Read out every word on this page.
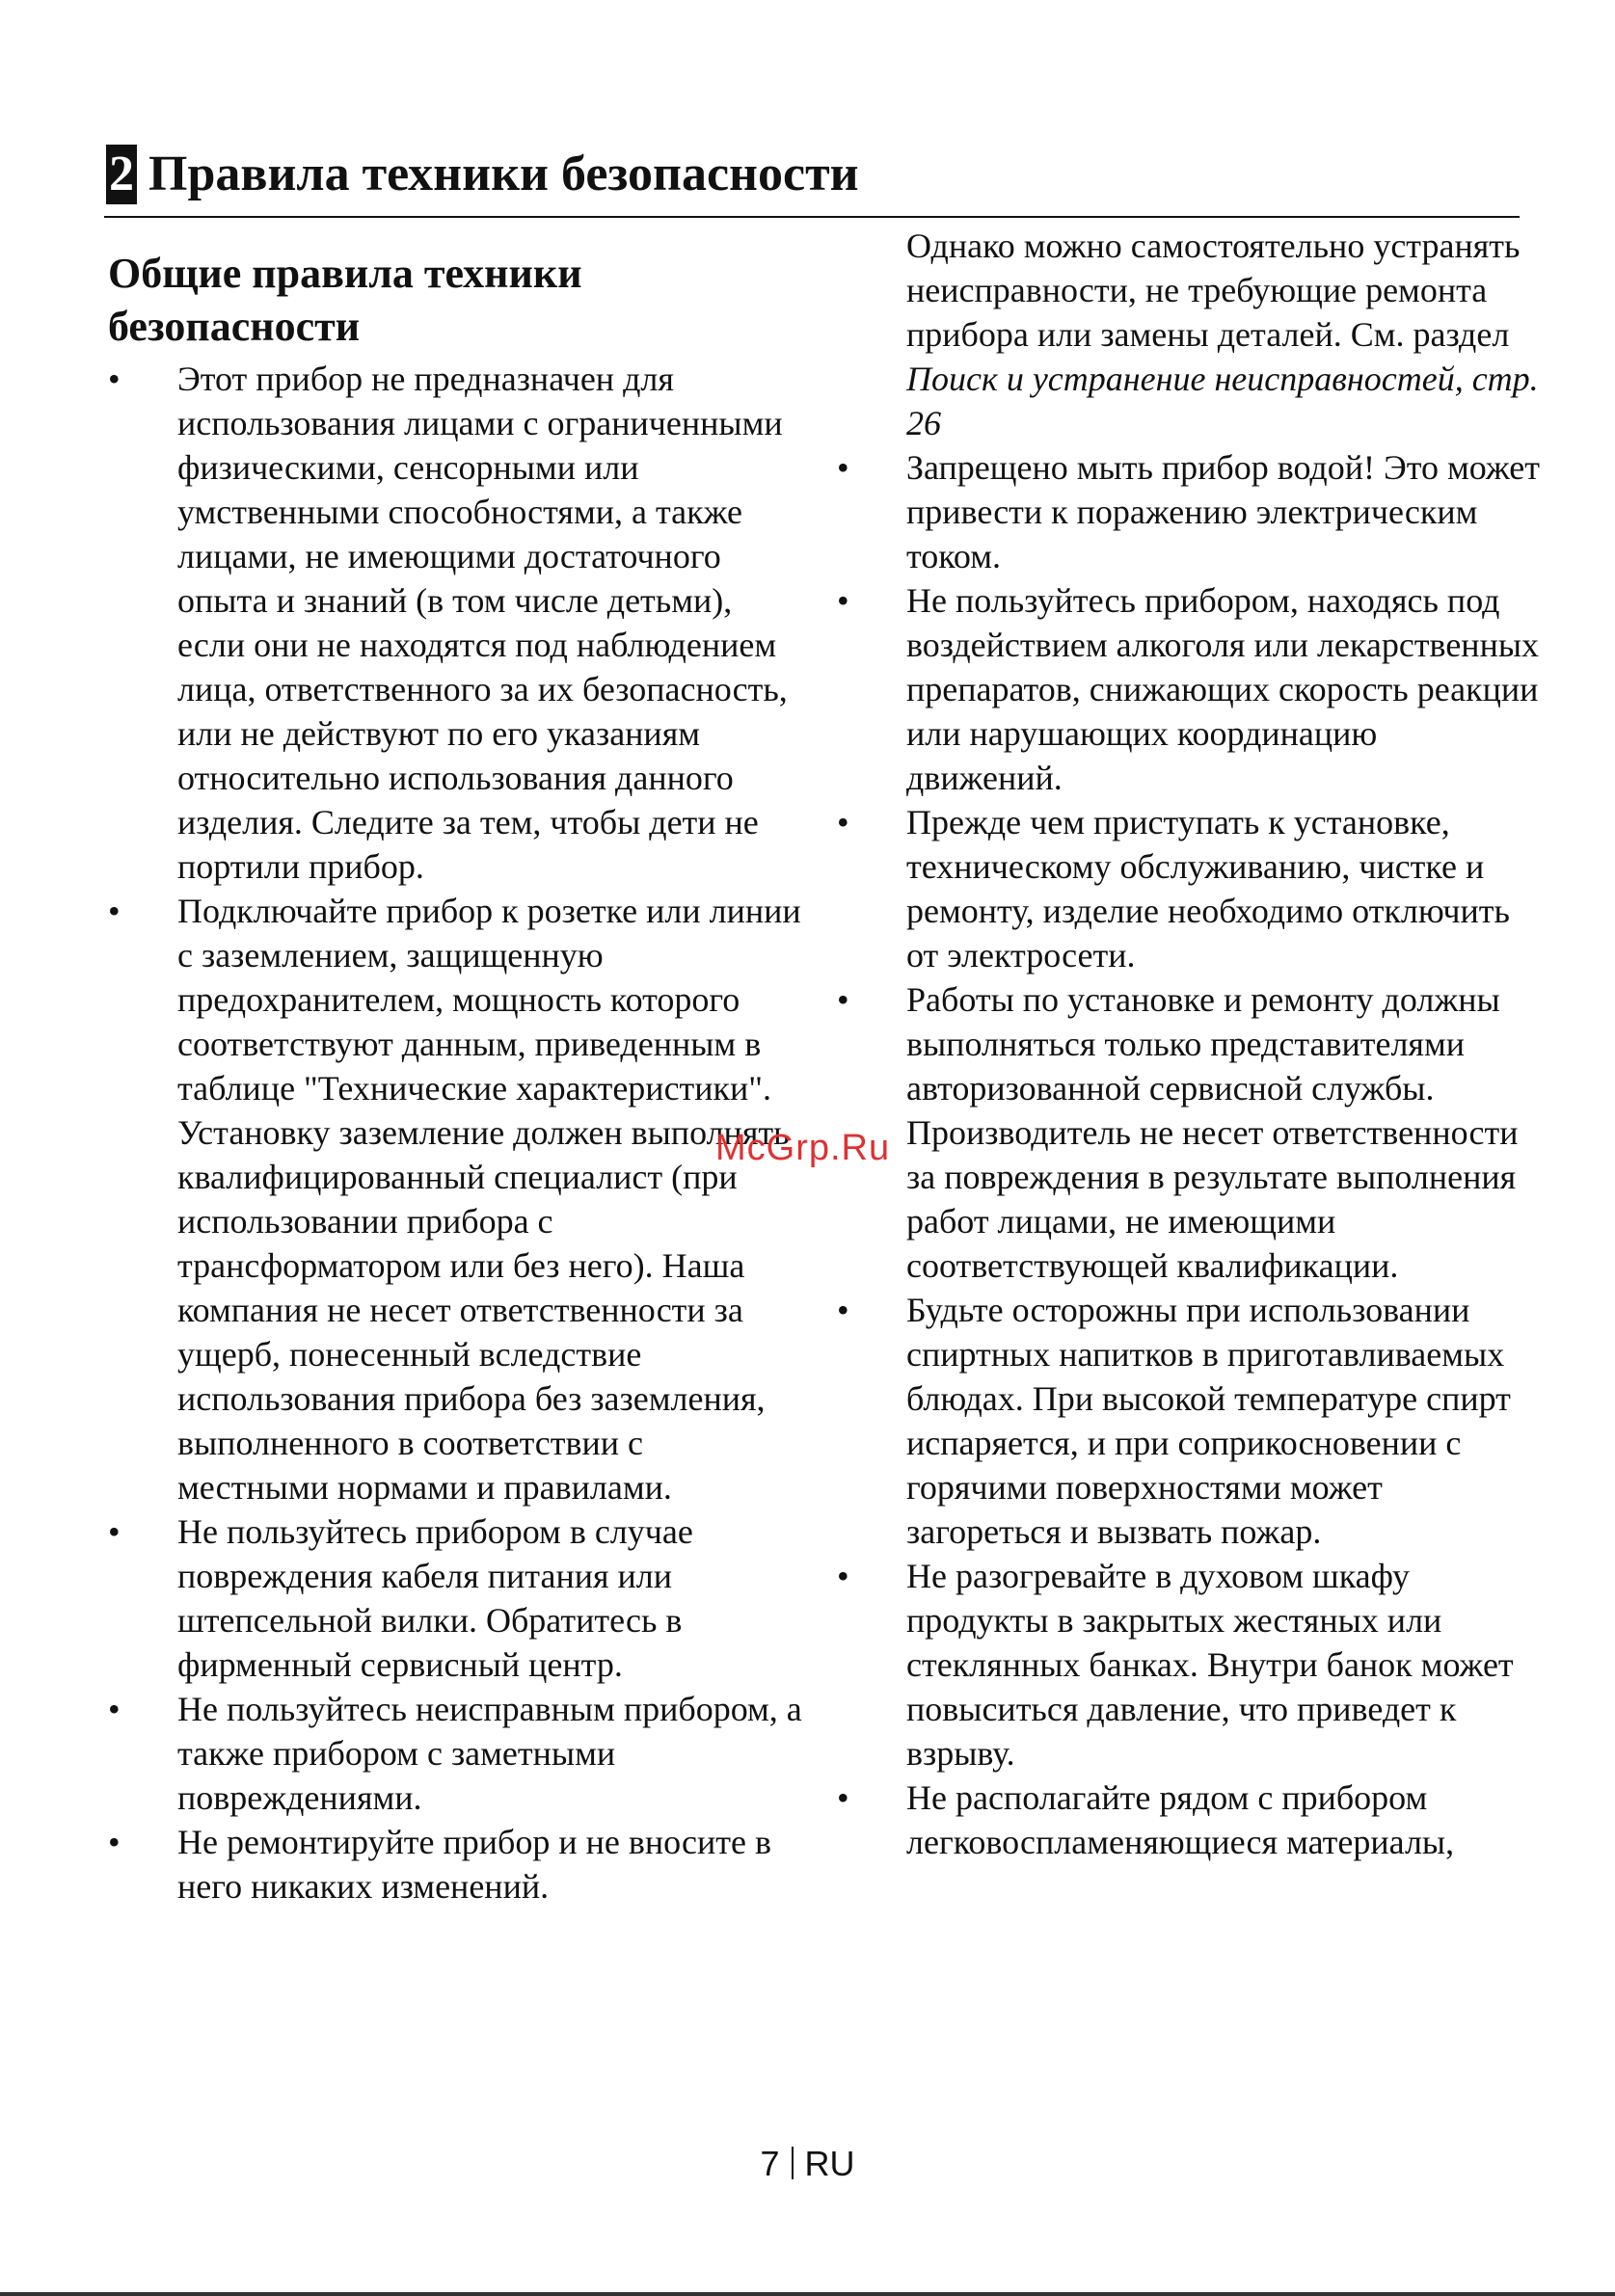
2 Правила техники безопасности
Общие правила техники безопасности
•	Этот прибор не предназначен для использования лицами с ограниченными физическими, сенсорными или умственными способностями, а также лицами, не имеющими достаточного опыта и знаний (в том числе детьми), если они не находятся под наблюдением лица, ответственного за их безопасность, или не действуют по его указаниям относительно использования данного изделия. Следите за тем, чтобы дети не портили прибор.
•	Подключайте прибор к розетке или линии с заземлением, защищенную предохранителем, мощность которого соответствуют данным, приведенным в таблице "Технические характеристики". Установку заземление должен выполнять квалифицированный специалист (при использовании прибора с трансформатором или без него). Наша компания не несет ответственности за ущерб, понесенный вследствие использования прибора без заземления, выполненного в соответствии с местными нормами и правилами.
•	Не пользуйтесь прибором в случае повреждения кабеля питания или штепсельной вилки. Обратитесь в фирменный сервисный центр.
•	Не пользуйтесь неисправным прибором, а также прибором с заметными повреждениями.
•	Не ремонтируйте прибор и не вносите в него никаких изменений.
Однако можно самостоятельно устранять неисправности, не требующие ремонта прибора или замены деталей. См. раздел Поиск и устранение неисправностей, стр. 26
•	Запрещено мыть прибор водой! Это может привести к поражению электрическим током.
•	Не пользуйтесь прибором, находясь под воздействием алкоголя или лекарственных препаратов, снижающих скорость реакции или нарушающих координацию движений.
•	Прежде чем приступать к установке, техническому обслуживанию, чистке и ремонту, изделие необходимо отключить от электросети.
•	Работы по установке и ремонту должны выполняться только представителями авторизованной сервисной службы. Производитель не несет ответственности за повреждения в результате выполнения работ лицами, не имеющими соответствующей квалификации.
•	Будьте осторожны при использовании спиртных напитков в приготавливаемых блюдах. При высокой температуре спирт испаряется, и при соприкосновении с горячими поверхностями может загореться и вызвать пожар.
•	Не разогревайте в духовом шкафу продукты в закрытых жестяных или стеклянных банках. Внутри банок может повыситься давление, что приведет к взрыву.
•	Не располагайте рядом с прибором легковоспламеняющиеся материалы,
McGrp.Ru
7 RU
